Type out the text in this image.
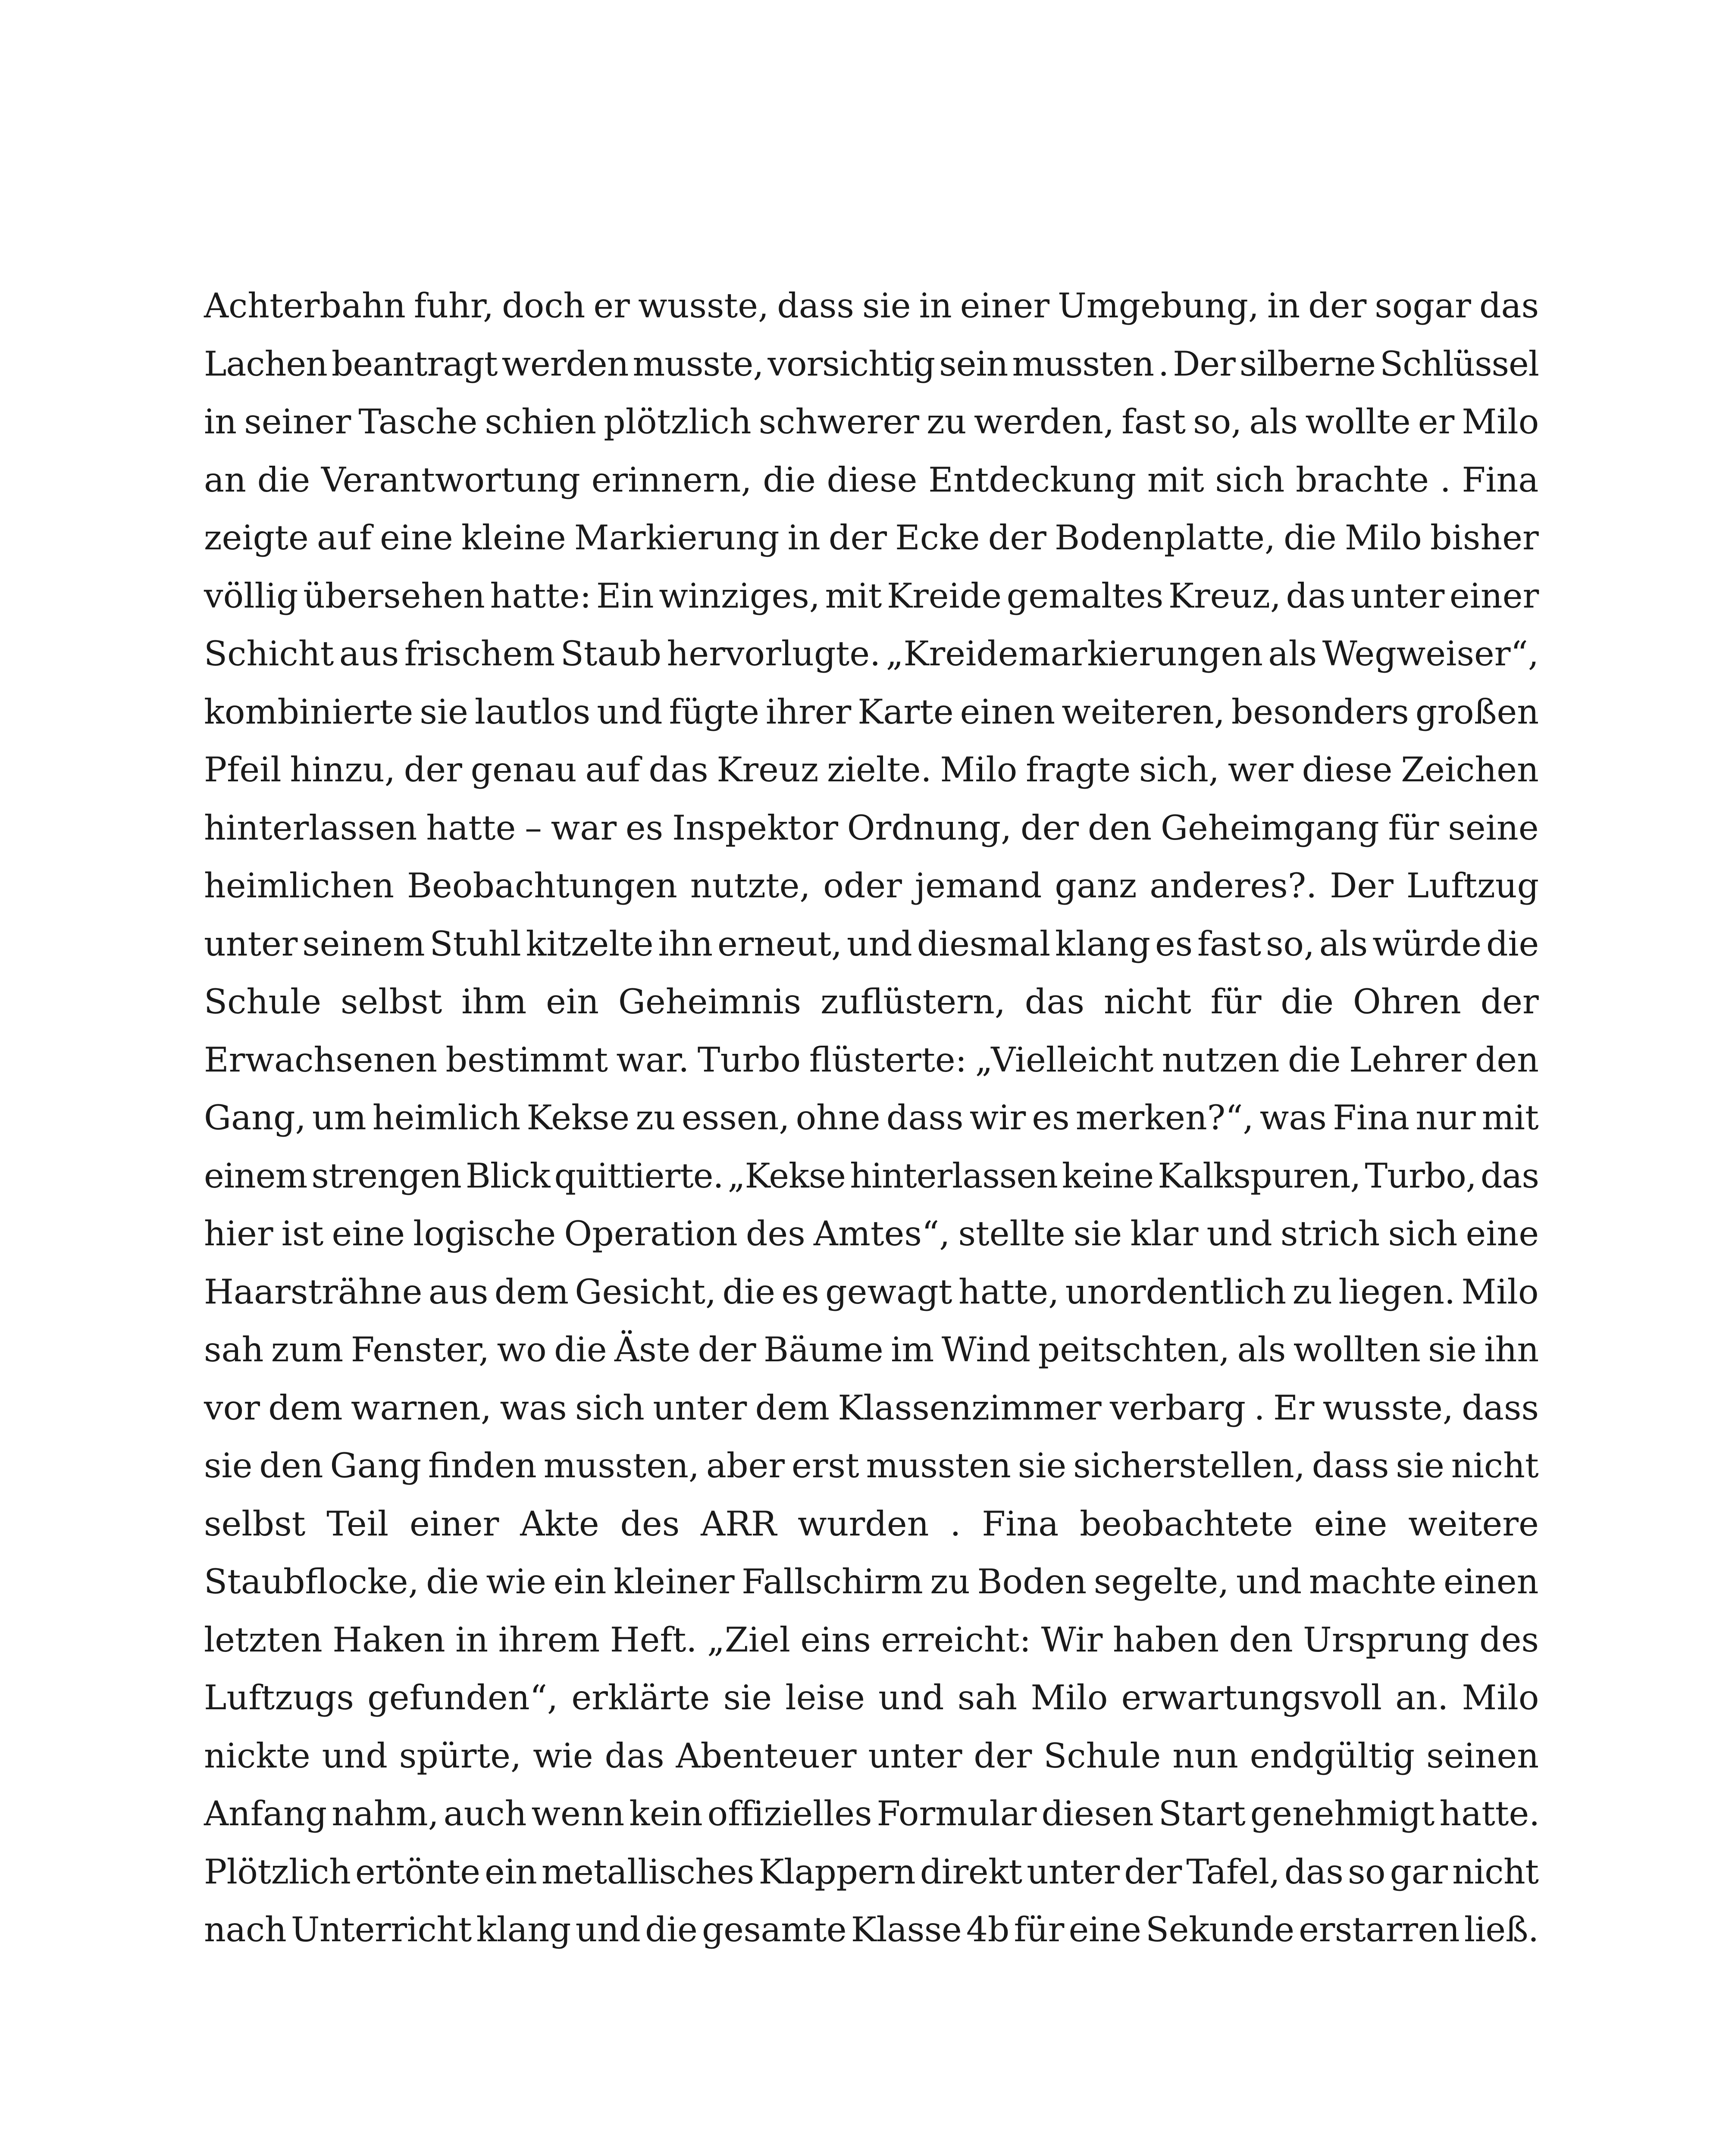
Achterbahn fuhr, doch er wusste, dass sie in einer Umgebung, in der sogar das
Lachen beantragt werden musste, vorsichtig sein mussten . Der silberne Schlüssel
in seiner Tasche schien plötzlich schwerer zu werden, fast so, als wollte er Milo
an die Verantwortung erinnern, die diese Entdeckung mit sich brachte . Fina
zeigte auf eine kleine Markierung in der Ecke der Bodenplatte, die Milo bisher
völlig übersehen hatte: Ein winziges, mit Kreide gemaltes Kreuz, das unter einer
Schicht aus frischem Staub hervorlugte. „Kreidemarkierungen als Wegweiser“,
kombinierte sie lautlos und fügte ihrer Karte einen weiteren, besonders großen
Pfeil hinzu, der genau auf das Kreuz zielte. Milo fragte sich, wer diese Zeichen
hinterlassen hatte – war es Inspektor Ordnung, der den Geheimgang für seine
heimlichen Beobachtungen nutzte, oder jemand ganz anderes?. Der Luftzug
unter seinem Stuhl kitzelte ihn erneut, und diesmal klang es fast so, als würde die
Schule selbst ihm ein Geheimnis zuflüstern, das nicht für die Ohren der
Erwachsenen bestimmt war. Turbo flüsterte: „Vielleicht nutzen die Lehrer den
Gang, um heimlich Kekse zu essen, ohne dass wir es merken?“, was Fina nur mit
einem strengen Blick quittierte. „Kekse hinterlassen keine Kalkspuren, Turbo, das
hier ist eine logische Operation des Amtes“, stellte sie klar und strich sich eine
Haarsträhne aus dem Gesicht, die es gewagt hatte, unordentlich zu liegen. Milo
sah zum Fenster, wo die Äste der Bäume im Wind peitschten, als wollten sie ihn
vor dem warnen, was sich unter dem Klassenzimmer verbarg . Er wusste, dass
sie den Gang finden mussten, aber erst mussten sie sicherstellen, dass sie nicht
selbst Teil einer Akte des ARR wurden . Fina beobachtete eine weitere
Staubflocke, die wie ein kleiner Fallschirm zu Boden segelte, und machte einen
letzten Haken in ihrem Heft. „Ziel eins erreicht: Wir haben den Ursprung des
Luftzugs gefunden“, erklärte sie leise und sah Milo erwartungsvoll an. Milo
nickte und spürte, wie das Abenteuer unter der Schule nun endgültig seinen
Anfang nahm, auch wenn kein offizielles Formular diesen Start genehmigt hatte.
Plötzlich ertönte ein metallisches Klappern direkt unter der Tafel, das so gar nicht
nach Unterricht klang und die gesamte Klasse 4b für eine Sekunde erstarren ließ.
